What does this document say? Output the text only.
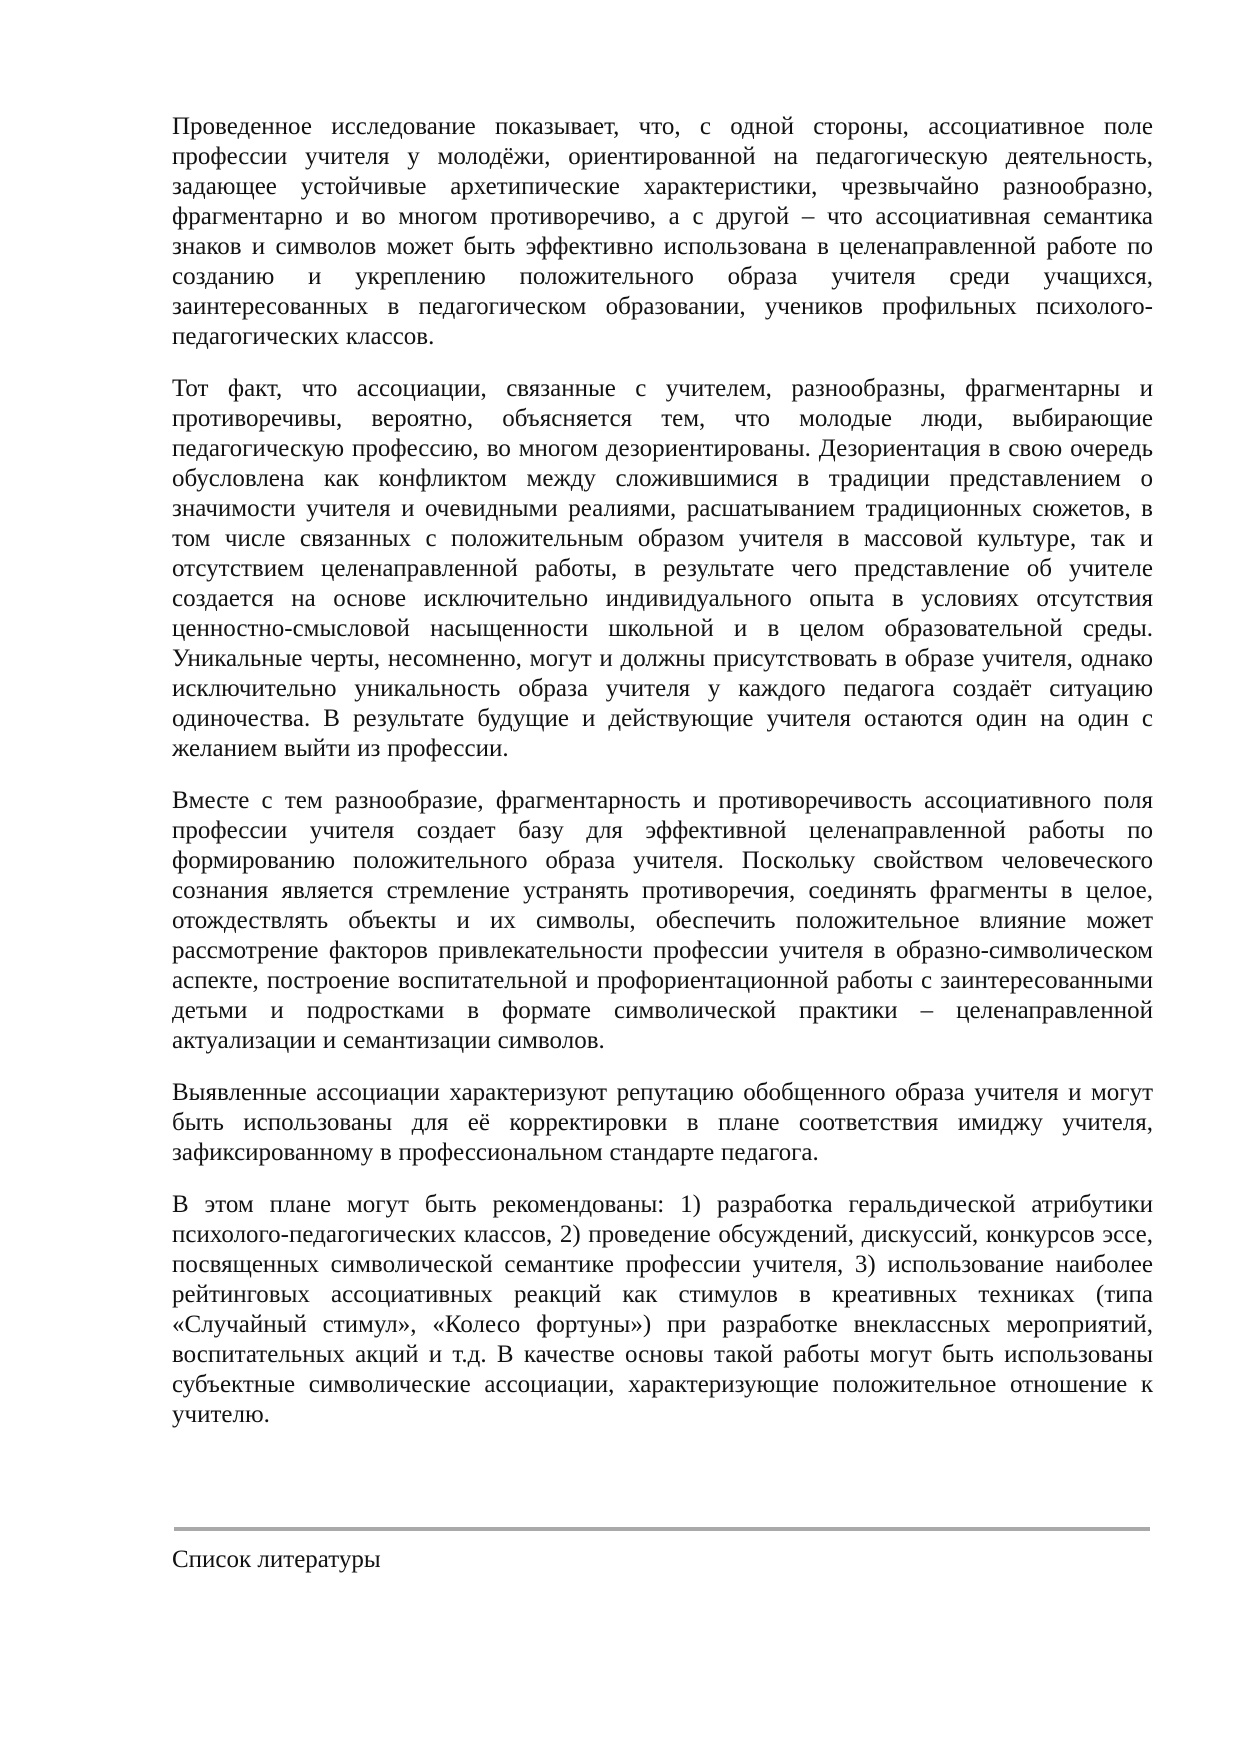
Проведенное исследование показывает, что, с одной стороны, ассоциативное поле профессии учителя у молодёжи, ориентированной на педагогическую деятельность, задающее устойчивые архетипические характеристики, чрезвычайно разнообразно, фрагментарно и во многом противоречиво, а с другой – что ассоциативная семантика знаков и символов может быть эффективно использована в целенаправленной работе по созданию и укреплению положительного образа учителя среди учащихся, заинтересованных в педагогическом образовании, учеников профильных психолого-педагогических классов.

Тот факт, что ассоциации, связанные с учителем, разнообразны, фрагментарны и противоречивы, вероятно, объясняется тем, что молодые люди, выбирающие педагогическую профессию, во многом дезориентированы. Дезориентация в свою очередь обусловлена как конфликтом между сложившимися в традиции представлением о значимости учителя и очевидными реалиями, расшатыванием традиционных сюжетов, в том числе связанных с положительным образом учителя в массовой культуре, так и отсутствием целенаправленной работы, в результате чего представление об учителе создается на основе исключительно индивидуального опыта в условиях отсутствия ценностно-смысловой насыщенности школьной и в целом образовательной среды. Уникальные черты, несомненно, могут и должны присутствовать в образе учителя, однако исключительно уникальность образа учителя у каждого педагога создаёт ситуацию одиночества. В результате будущие и действующие учителя остаются один на один с желанием выйти из профессии.

Вместе с тем разнообразие, фрагментарность и противоречивость ассоциативного поля профессии учителя создает базу для эффективной целенаправленной работы по формированию положительного образа учителя. Поскольку свойством человеческого сознания является стремление устранять противоречия, соединять фрагменты в целое, отождествлять объекты и их символы, обеспечить положительное влияние может рассмотрение факторов привлекательности профессии учителя в образно-символическом аспекте, построение воспитательной и профориентационной работы с заинтересованными детьми и подростками в формате символической практики – целенаправленной актуализации и семантизации символов.

Выявленные ассоциации характеризуют репутацию обобщенного образа учителя и могут быть использованы для её корректировки в плане соответствия имиджу учителя, зафиксированному в профессиональном стандарте педагога.

В этом плане могут быть рекомендованы: 1) разработка геральдической атрибутики психолого-педагогических классов, 2) проведение обсуждений, дискуссий, конкурсов эссе, посвященных символической семантике профессии учителя, 3) использование наиболее рейтинговых ассоциативных реакций как стимулов в креативных техниках (типа «Случайный стимул», «Колесо фортуны») при разработке внеклассных мероприятий, воспитательных акций и т.д. В качестве основы такой работы могут быть использованы субъектные символические ассоциации, характеризующие положительное отношение к учителю.

Список литературы
